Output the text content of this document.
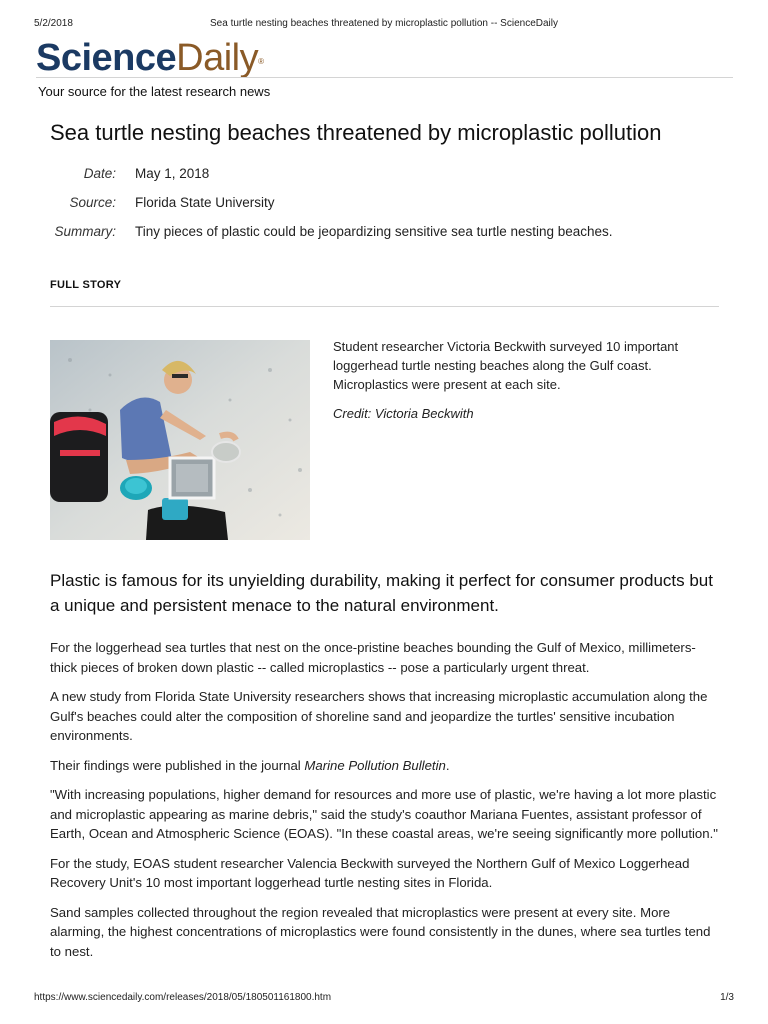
5/2/2018	Sea turtle nesting beaches threatened by microplastic pollution -- ScienceDaily
ScienceDaily®
Your source for the latest research news
Sea turtle nesting beaches threatened by microplastic pollution
Date: May 1, 2018
Source: Florida State University
Summary: Tiny pieces of plastic could be jeopardizing sensitive sea turtle nesting beaches.
FULL STORY

Student researcher Victoria Beckwith surveyed 10 important loggerhead turtle nesting beaches along the Gulf coast. Microplastics were present at each site.

Credit: Victoria Beckwith

Plastic is famous for its unyielding durability, making it perfect for consumer products but a unique and persistent menace to the natural environment.

For the loggerhead sea turtles that nest on the once-pristine beaches bounding the Gulf of Mexico, millimeters-thick pieces of broken down plastic -- called microplastics -- pose a particularly urgent threat.

A new study from Florida State University researchers shows that increasing microplastic accumulation along the Gulf's beaches could alter the composition of shoreline sand and jeopardize the turtles' sensitive incubation environments.

Their findings were published in the journal Marine Pollution Bulletin.

"With increasing populations, higher demand for resources and more use of plastic, we're having a lot more plastic and microplastic appearing as marine debris," said the study's coauthor Mariana Fuentes, assistant professor of Earth, Ocean and Atmospheric Science (EOAS). "In these coastal areas, we're seeing significantly more pollution."

For the study, EOAS student researcher Valencia Beckwith surveyed the Northern Gulf of Mexico Loggerhead Recovery Unit's 10 most important loggerhead turtle nesting sites in Florida.

Sand samples collected throughout the region revealed that microplastics were present at every site. More alarming, the highest concentrations of microplastics were found consistently in the dunes, where sea turtles tend to nest.

https://www.sciencedaily.com/releases/2018/05/180501161800.htm	1/3
